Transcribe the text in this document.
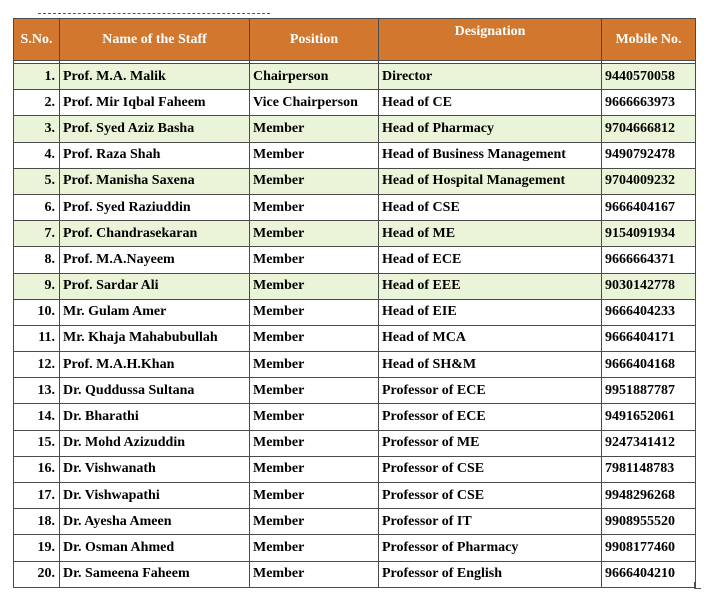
S.No.	Name of the Staff	Position	Designation	Mobile No.

1.	Prof. M.A. Malik	Chairperson	Director	9440570058
2.	Prof. Mir Iqbal Faheem	Vice Chairperson	Head of CE	9666663973
3.	Prof. Syed Aziz Basha	Member	Head of Pharmacy	9704666812
4.	Prof. Raza Shah	Member	Head of Business Management	9490792478
5.	Prof. Manisha Saxena	Member	Head of Hospital Management	9704009232
6.	Prof. Syed Raziuddin	Member	Head of CSE	9666404167
7.	Prof. Chandrasekaran	Member	Head of ME	9154091934
8.	Prof. M.A.Nayeem	Member	Head of ECE	9666664371
9.	Prof. Sardar Ali	Member	Head of EEE	9030142778
10.	Mr. Gulam Amer	Member	Head of EIE	9666404233
11.	Mr. Khaja Mahabubullah	Member	Head of MCA	9666404171
12.	Prof. M.A.H.Khan	Member	Head of SH&M	9666404168
13.	Dr. Quddussa Sultana	Member	Professor of ECE	9951887787
14.	Dr. Bharathi	Member	Professor of ECE	9491652061
15.	Dr. Mohd Azizuddin	Member	Professor of ME	9247341412
16.	Dr. Vishwanath	Member	Professor of CSE	7981148783
17.	Dr. Vishwapathi	Member	Professor of CSE	9948296268
18.	Dr. Ayesha Ameen	Member	Professor of IT	9908955520
19.	Dr. Osman Ahmed	Member	Professor of Pharmacy	9908177460
20.	Dr. Sameena Faheem	Member	Professor of English	9666404210
